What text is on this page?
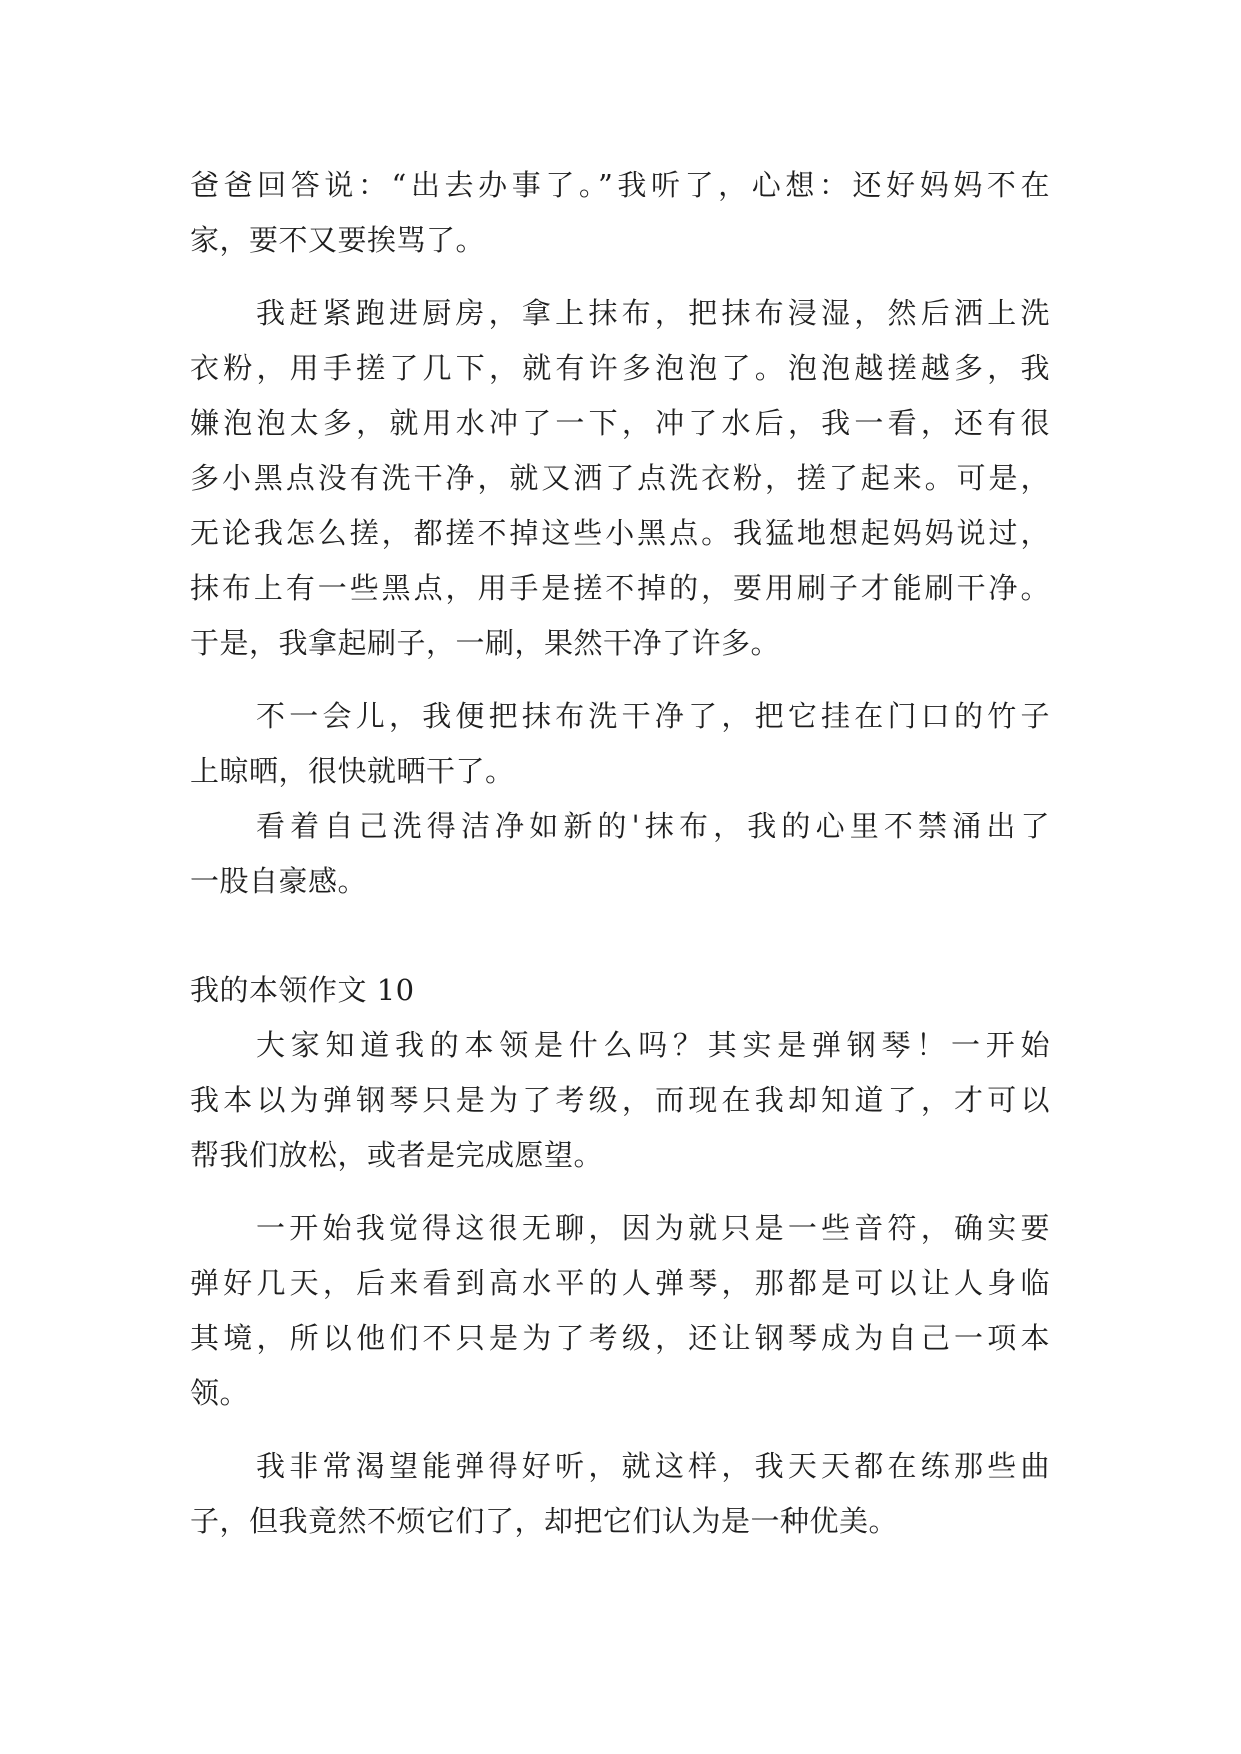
爸爸回答说：“出去办事了。”我听了，心想：还好妈妈不在

家，要不又要挨骂了。

我赶紧跑进厨房，拿上抹布，把抹布浸湿，然后洒上洗

衣粉，用手搓了几下，就有许多泡泡了。泡泡越搓越多，我

嫌泡泡太多，就用水冲了一下，冲了水后，我一看，还有很

多小黑点没有洗干净，就又洒了点洗衣粉，搓了起来。可是，

无论我怎么搓，都搓不掉这些小黑点。我猛地想起妈妈说过，

抹布上有一些黑点，用手是搓不掉的，要用刷子才能刷干净。

于是，我拿起刷子，一刷，果然干净了许多。

不一会儿，我便把抹布洗干净了，把它挂在门口的竹子

上晾晒，很快就晒干了。

看着自己洗得洁净如新的'抹布，我的心里不禁涌出了

一股自豪感。

我的本领作文 10

大家知道我的本领是什么吗？其实是弹钢琴！一开始

我本以为弹钢琴只是为了考级，而现在我却知道了，才可以

帮我们放松，或者是完成愿望。

一开始我觉得这很无聊，因为就只是一些音符，确实要

弹好几天，后来看到高水平的人弹琴，那都是可以让人身临

其境，所以他们不只是为了考级，还让钢琴成为自己一项本

领。

我非常渴望能弹得好听，就这样，我天天都在练那些曲

子，但我竟然不烦它们了，却把它们认为是一种优美。
